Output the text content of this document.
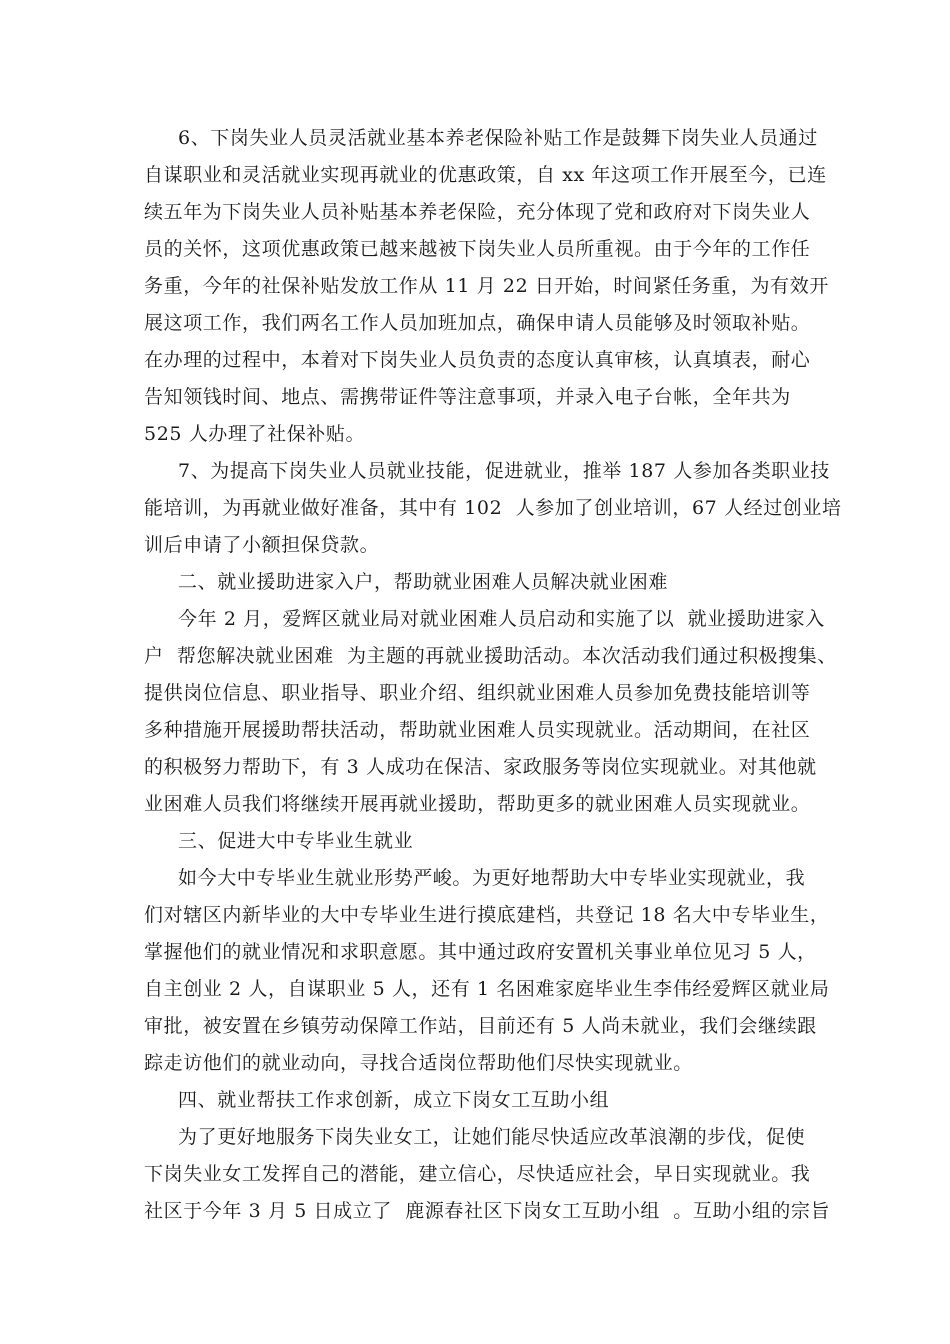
6、下岗失业人员灵活就业基本养老保险补贴工作是鼓舞下岗失业人员通过
自谋职业和灵活就业实现再就业的优惠政策，自 xx 年这项工作开展至今，已连
续五年为下岗失业人员补贴基本养老保险，充分体现了党和政府对下岗失业人
员的关怀，这项优惠政策已越来越被下岗失业人员所重视。由于今年的工作任
务重，今年的社保补贴发放工作从 11 月 22 日开始，时间紧任务重，为有效开
展这项工作，我们两名工作人员加班加点，确保申请人员能够及时领取补贴。
在办理的过程中，本着对下岗失业人员负责的态度认真审核，认真填表，耐心
告知领钱时间、地点、需携带证件等注意事项，并录入电子台帐，全年共为
525 人办理了社保补贴。
7、为提高下岗失业人员就业技能，促进就业，推举 187 人参加各类职业技
能培训，为再就业做好准备，其中有 102  人参加了创业培训，67 人经过创业培
训后申请了小额担保贷款。
二、就业援助进家入户，帮助就业困难人员解决就业困难
今年 2 月，爱辉区就业局对就业困难人员启动和实施了以  就业援助进家入
户  帮您解决就业困难  为主题的再就业援助活动。本次活动我们通过积极搜集、
提供岗位信息、职业指导、职业介绍、组织就业困难人员参加免费技能培训等
多种措施开展援助帮扶活动，帮助就业困难人员实现就业。活动期间，在社区
的积极努力帮助下，有 3 人成功在保洁、家政服务等岗位实现就业。对其他就
业困难人员我们将继续开展再就业援助，帮助更多的就业困难人员实现就业。
三、促进大中专毕业生就业
如今大中专毕业生就业形势严峻。为更好地帮助大中专毕业实现就业，我
们对辖区内新毕业的大中专毕业生进行摸底建档，共登记 18 名大中专毕业生，
掌握他们的就业情况和求职意愿。其中通过政府安置机关事业单位见习 5 人，
自主创业 2 人，自谋职业 5 人，还有 1 名困难家庭毕业生李伟经爱辉区就业局
审批，被安置在乡镇劳动保障工作站，目前还有 5 人尚未就业，我们会继续跟
踪走访他们的就业动向，寻找合适岗位帮助他们尽快实现就业。
四、就业帮扶工作求创新，成立下岗女工互助小组
为了更好地服务下岗失业女工，让她们能尽快适应改革浪潮的步伐，促使
下岗失业女工发挥自己的潜能，建立信心，尽快适应社会，早日实现就业。我
社区于今年 3 月 5 日成立了  鹿源春社区下岗女工互助小组  。互助小组的宗旨
